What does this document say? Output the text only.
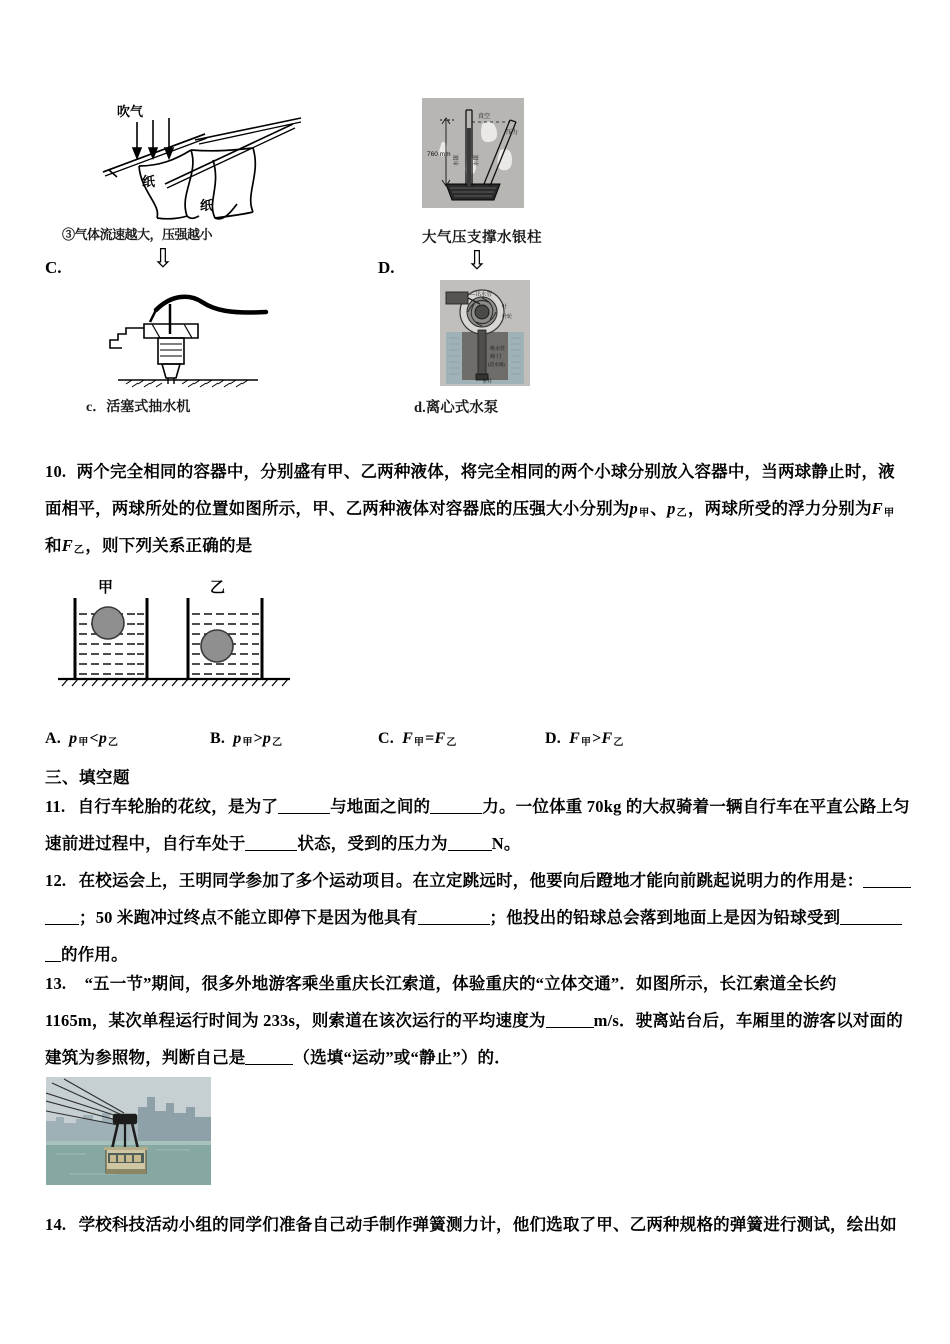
C.
吹气
纸
纸
③气体流速越大，压强越小
⇩
c．活塞式抽水机
D.
760 mm
真空
压力
水银	水银
大气压支撑水银柱
⇩
—出水管
叶
叶轮
吸水管
阀 门
(活水阀)
水井
d.离心式水泵
10. 两个完全相同的容器中，分别盛有甲、乙两种液体，将完全相同的两个小球分别放入容器中，当两球静止时，液
面相平，两球所处的位置如图所示，甲、乙两种液体对容器底的压强大小分别为$p_甲$、$p_乙$，两球所受的浮力分别为$F_甲$
和$F_乙$，则下列关系正确的是
甲	乙
A. $p_甲<p_乙$	B. $p_甲>p_乙$	C. $F_甲=F_乙$	D. $F_甲>F_乙$
三、填空题
11. 自行车轮胎的花纹，是为了	与地面之间的	力。一位体重 70kg 的大叔骑着一辆自行车在平直公路上匀
速前进过程中，自行车处于	状态，受到的压力为	N。
12. 在校运会上，王明同学参加了多个运动项目。在立定跳远时，他要向后蹬地才能向前跳起说明力的作用是：
；50 米跑冲过终点不能立即停下是因为他具有	；他投出的铅球总会落到地面上是因为铅球受到
的作用。
13. “五一节”期间，很多外地游客乘坐重庆长江索道，体验重庆的“立体交通”．如图所示，长江索道全长约
1165m，某次单程运行时间为 233s，则索道在该次运行的平均速度为	m/s．驶离站台后，车厢里的游客以对面的
建筑为参照物，判断自己是	（选填“运动”或“静止”）的．
14. 学校科技活动小组的同学们准备自己动手制作弹簧测力计，他们选取了甲、乙两种规格的弹簧进行测试，绘出如
